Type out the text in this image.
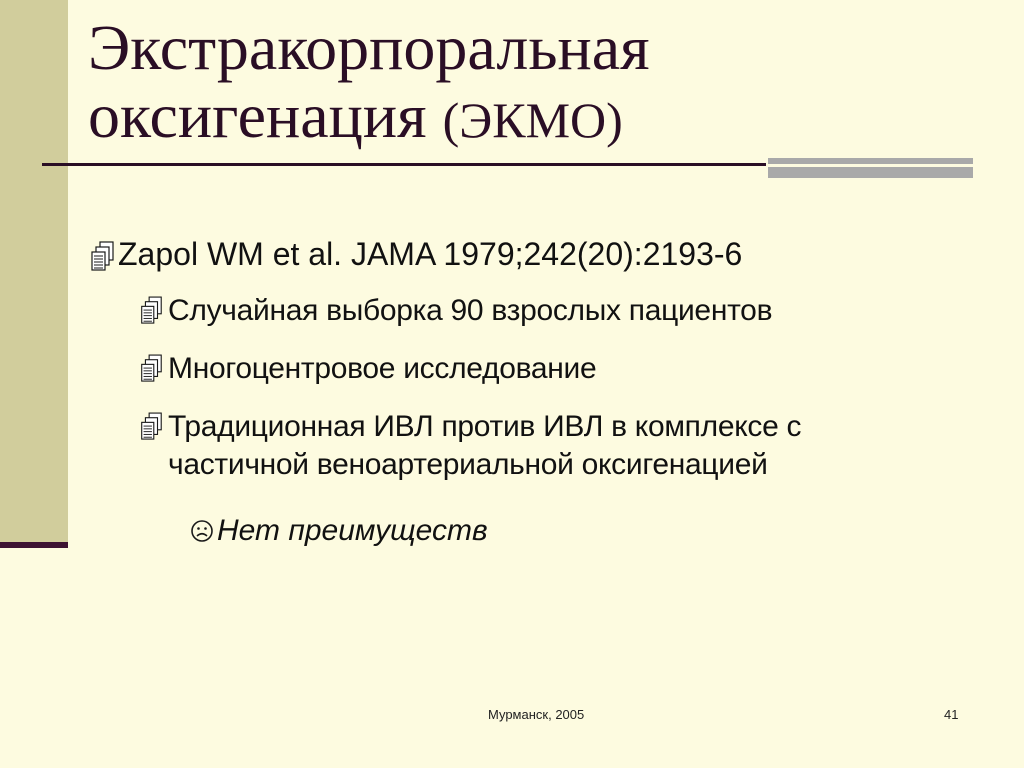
Экстракорпоральная
оксигенация (ЭКМО)
Zapol WM et al. JAMA 1979;242(20):2193-6
Случайная выборка 90 взрослых пациентов
Многоцентровое исследование
Традиционная ИВЛ против ИВЛ в комплексе с
частичной веноартериальной оксигенацией
Нет преимуществ
Мурманск, 2005	41
